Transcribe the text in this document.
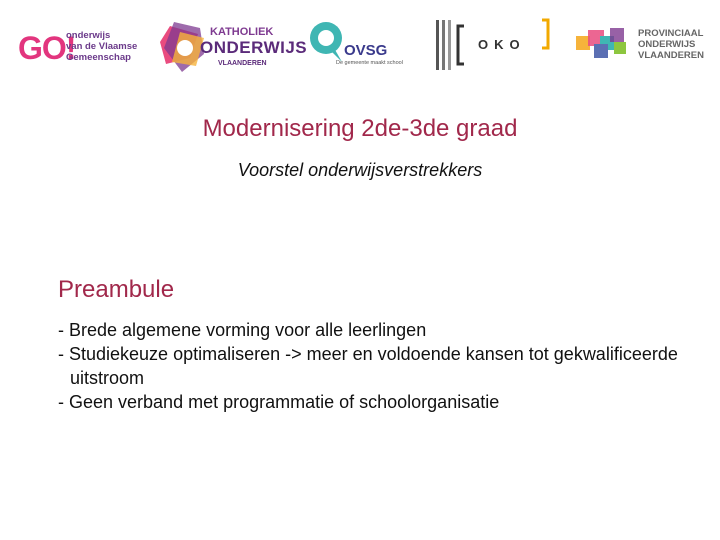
GO!
onderwijs
van de Vlaamse
Gemeenschap
KATHOLIEK
ONDERWIJS
VLAANDEREN
OVSG
De gemeente maakt school
OKO
PROVINCIAAL
ONDERWIJS
VLAANDEREN
Modernisering 2de-3de graad
Voorstel onderwijsverstrekkers
Preambule
- Brede algemene vorming voor alle leerlingen
- Studiekeuze optimaliseren -> meer en voldoende kansen tot gekwalificeerde uitstroom
- Geen verband met programmatie of schoolorganisatie
